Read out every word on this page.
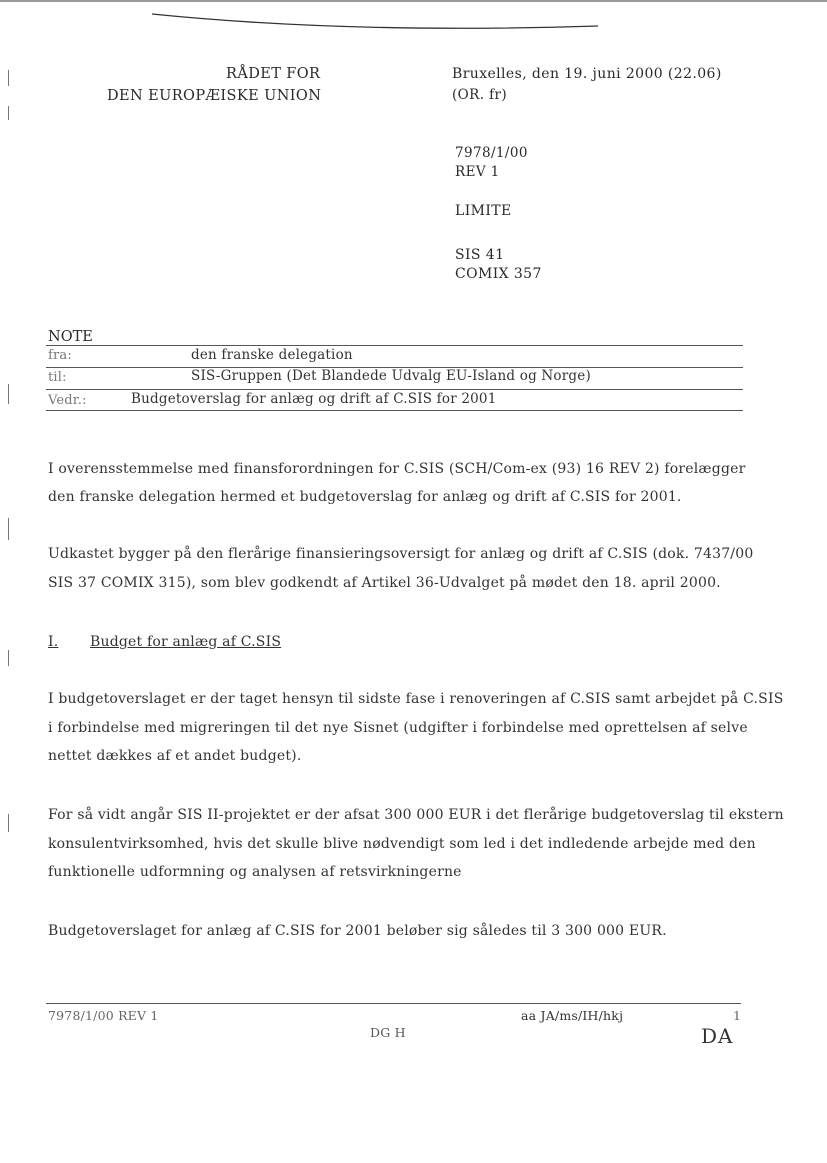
RÅDET FOR
DEN EUROPÆISKE UNION
Bruxelles, den 19. juni 2000 (22.06)
(OR. fr)
7978/1/00
REV 1
LIMITE
SIS 41
COMIX 357
NOTE
fra:	den franske delegation
til:	SIS-Gruppen (Det Blandede Udvalg EU-Island og Norge)
Vedr.:	Budgetoverslag for anlæg og drift af C.SIS for 2001
I overensstemmelse med finansforordningen for C.SIS (SCH/Com-ex (93) 16 REV 2) forelægger
den franske delegation hermed et budgetoverslag for anlæg og drift af C.SIS for 2001.
Udkastet bygger på den flerårige finansieringsoversigt for anlæg og drift af C.SIS (dok. 7437/00
SIS 37 COMIX 315), som blev godkendt af Artikel 36-Udvalget på mødet den 18. april 2000.
I. Budget for anlæg af C.SIS
I budgetoverslaget er der taget hensyn til sidste fase i renoveringen af C.SIS samt arbejdet på C.SIS
i forbindelse med migreringen til det nye Sisnet (udgifter i forbindelse med oprettelsen af selve
nettet dækkes af et andet budget).
For så vidt angår SIS II-projektet er der afsat 300 000 EUR i det flerårige budgetoverslag til ekstern
konsulentvirksomhed, hvis det skulle blive nødvendigt som led i det indledende arbejde med den
funktionelle udformning og analysen af retsvirkningerne
Budgetoverslaget for anlæg af C.SIS for 2001 beløber sig således til 3 300 000 EUR.
7978/1/00 REV 1	aa JA/ms/IH/hkj	1
DG H	DA
